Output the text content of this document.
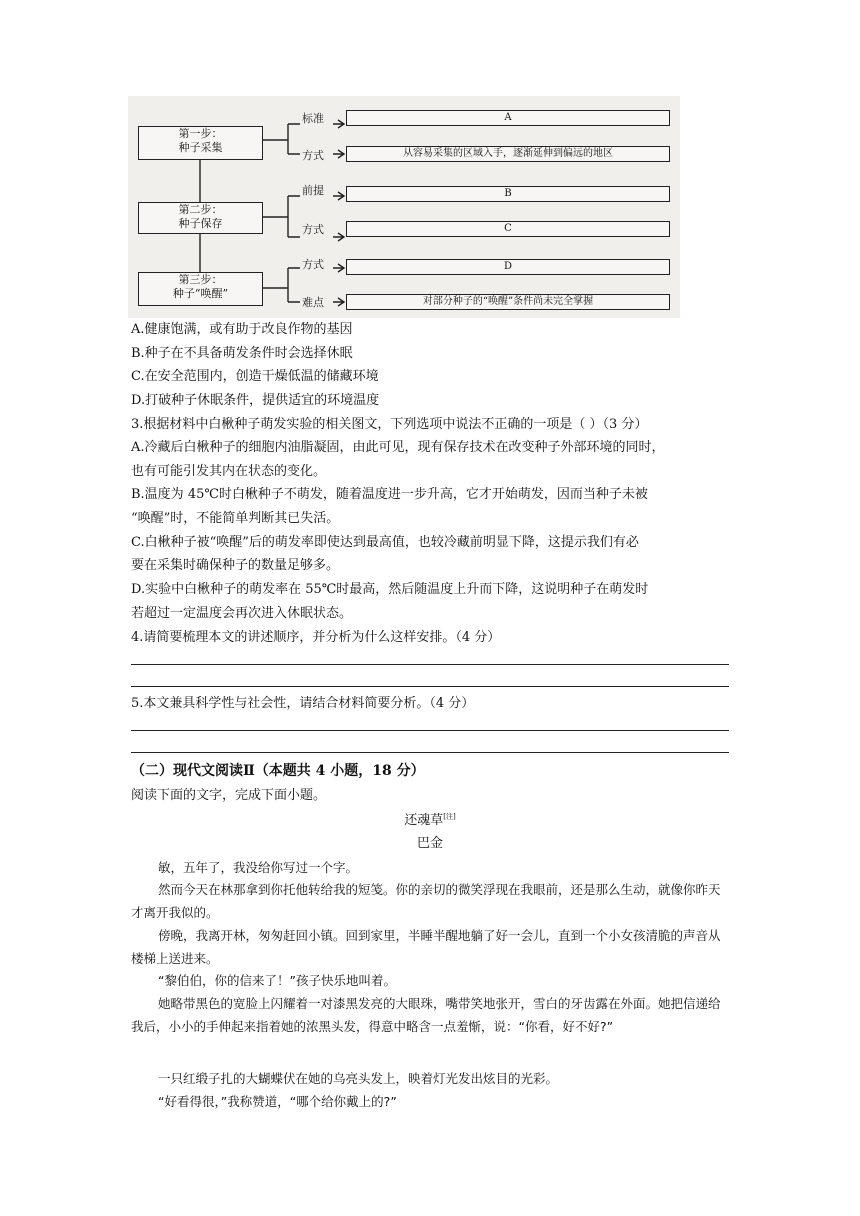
第一步：
种子采集
第二步：
种子保存
第三步：
种子“唤醒”
标准
方式
前提
方式
方式
难点
A
从容易采集的区域入手，逐渐延伸到偏远的地区
B
C
D
对部分种子的“唤醒”条件尚未完全掌握
A.健康饱满，或有助于改良作物的基因
B.种子在不具备萌发条件时会选择休眠
C.在安全范围内，创造干燥低温的储藏环境
D.打破种子休眠条件，提供适宜的环境温度
3.根据材料中白楸种子萌发实验的相关图文，下列选项中说法不正确的一项是（ ）（3 分）
A.冷藏后白楸种子的细胞内油脂凝固，由此可见，现有保存技术在改变种子外部环境的同时，
也有可能引发其内在状态的变化。
B.温度为 45℃时白楸种子不萌发，随着温度进一步升高，它才开始萌发，因而当种子未被
“唤醒”时，不能简单判断其已失活。
C.白楸种子被“唤醒”后的萌发率即使达到最高值，也较冷藏前明显下降，这提示我们有必
要在采集时确保种子的数量足够多。
D.实验中白楸种子的萌发率在 55℃时最高，然后随温度上升而下降，这说明种子在萌发时
若超过一定温度会再次进入休眠状态。
4.请简要梳理本文的讲述顺序，并分析为什么这样安排。（4 分）
5.本文兼具科学性与社会性，请结合材料简要分析。（4 分）
（二）现代文阅读Ⅱ（本题共 4 小题，18 分）
阅读下面的文字，完成下面小题。
还魂草[注]
巴金
敏，五年了，我没给你写过一个字。
然而今天在林那拿到你托他转给我的短笺。你的亲切的微笑浮现在我眼前，还是那么生动，就像你昨天才离开我似的。
傍晚，我离开林，匆匆赶回小镇。回到家里，半睡半醒地躺了好一会儿，直到一个小女孩清脆的声音从楼梯上送进来。
“黎伯伯，你的信来了！”孩子快乐地叫着。
她略带黑色的宽脸上闪耀着一对漆黑发亮的大眼珠，嘴带笑地张开，雪白的牙齿露在外面。她把信递给我后，小小的手伸起来指着她的浓黑头发，得意中略含一点羞惭，说：“你看，好不好?”
一只红缎子扎的大蝴蝶伏在她的乌亮头发上，映着灯光发出炫目的光彩。
“好看得很，”我称赞道，“哪个给你戴上的?”
